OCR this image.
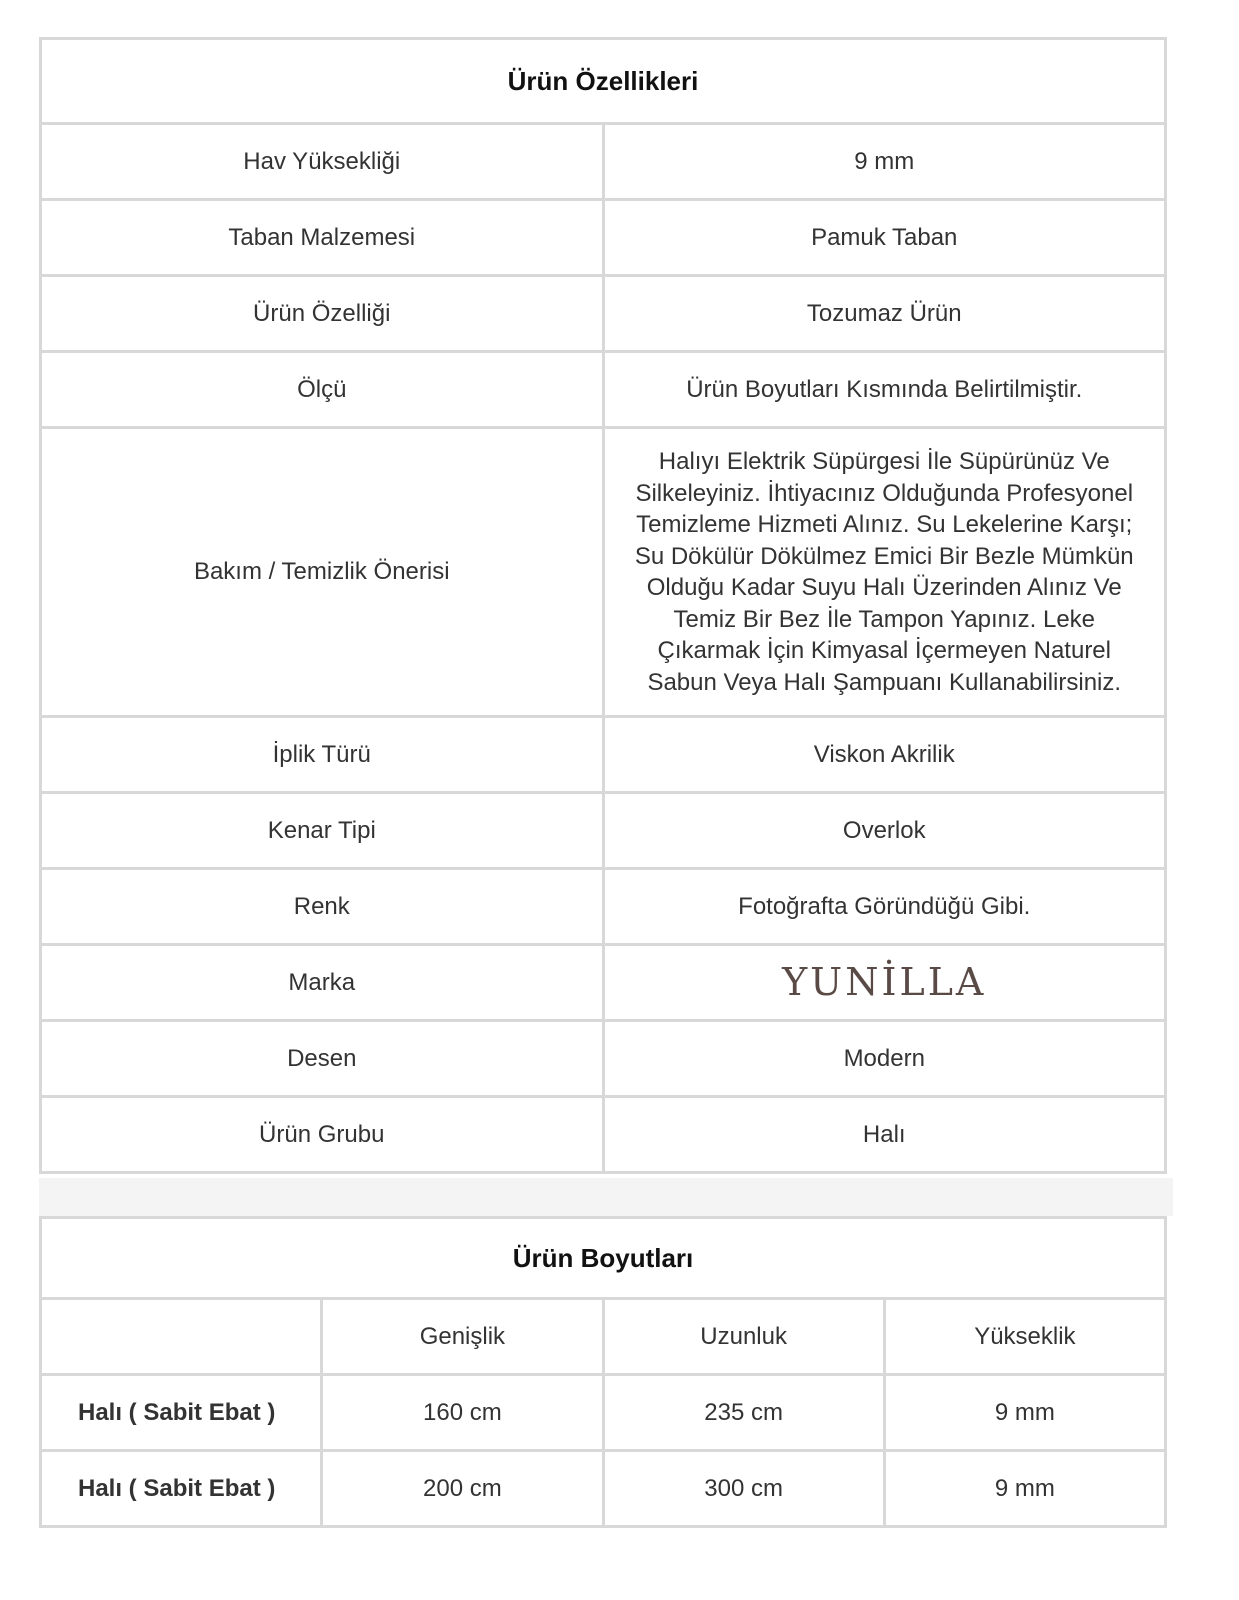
Ürün Özellikleri	
Hav Yüksekliği	9 mm
Taban Malzemesi	Pamuk Taban
Ürün Özelliği	Tozumaz Ürün
Ölçü	Ürün Boyutları Kısmında Belirtilmiştir.
Bakım / Temizlik Önerisi	Halıyı Elektrik Süpürgesi İle Süpürünüz Ve Silkeleyiniz. İhtiyacınız Olduğunda Profesyonel Temizleme Hizmeti Alınız. Su Lekelerine Karşı; Su Dökülür Dökülmez Emici Bir Bezle Mümkün Olduğu Kadar Suyu Halı Üzerinden Alınız Ve Temiz Bir Bez İle Tampon Yapınız. Leke Çıkarmak İçin Kimyasal İçermeyen Naturel Sabun Veya Halı Şampuanı Kullanabilirsiniz.
İplik Türü	Viskon Akrilik
Kenar Tipi	Overlok
Renk	Fotoğrafta Göründüğü Gibi.
Marka	YUNİLLA
Desen	Modern
Ürün Grubu	Halı
Ürün Boyutları			
	Genişlik	Uzunluk	Yükseklik
Halı ( Sabit Ebat )	160 cm	235 cm	9 mm
Halı ( Sabit Ebat )	200 cm	300 cm	9 mm
